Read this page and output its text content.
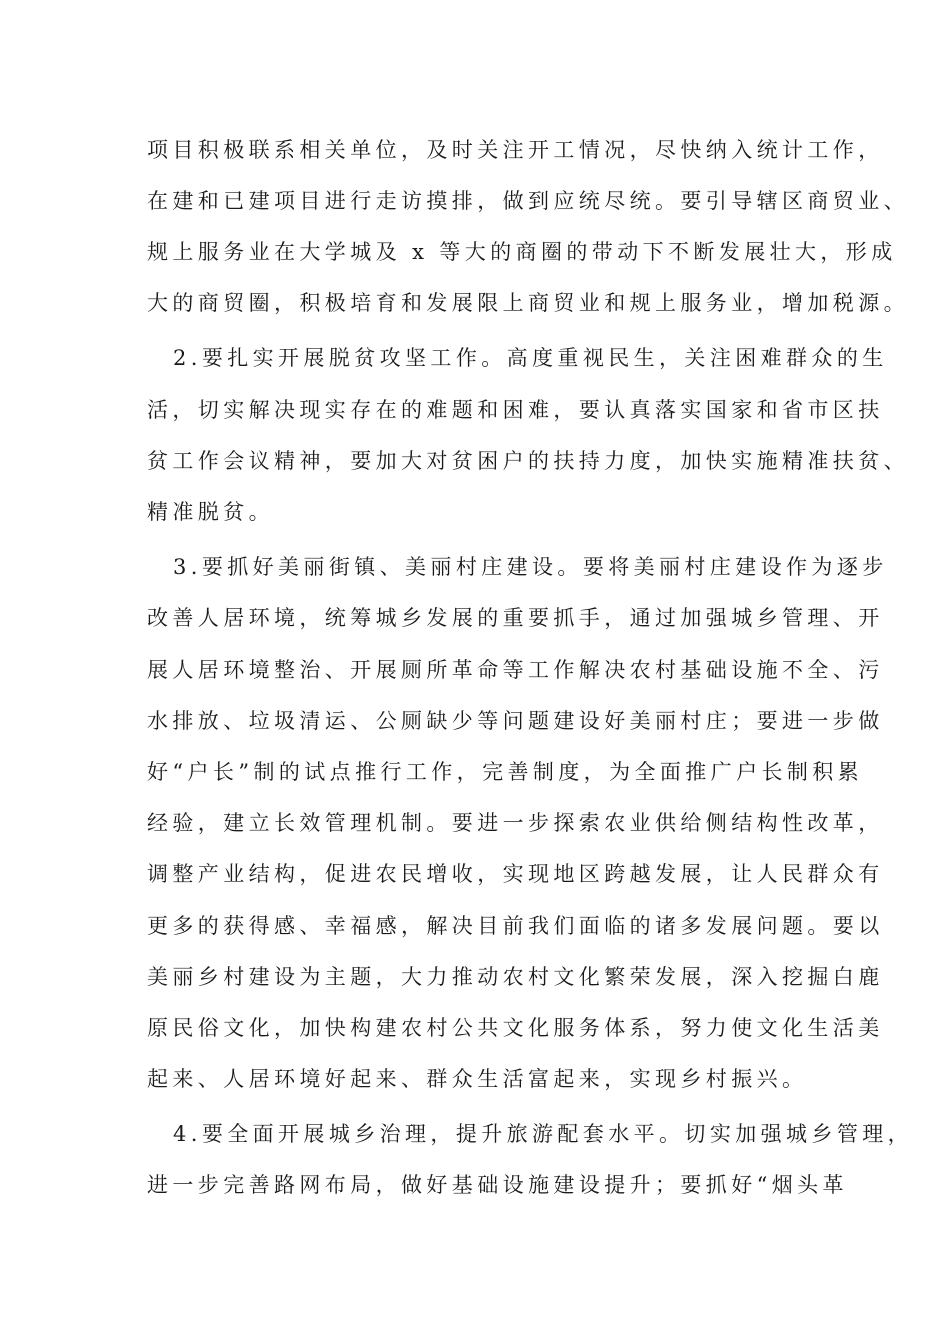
项目积极联系相关单位，及时关注开工情况，尽快纳入统计工作，
在建和已建项目进行走访摸排，做到应统尽统。要引导辖区商贸业、
规上服务业在大学城及 x 等大的商圈的带动下不断发展壮大，形成
大的商贸圈，积极培育和发展限上商贸业和规上服务业，增加税源。
2.要扎实开展脱贫攻坚工作。高度重视民生，关注困难群众的生
活，切实解决现实存在的难题和困难，要认真落实国家和省市区扶
贫工作会议精神，要加大对贫困户的扶持力度，加快实施精准扶贫、
精准脱贫。
3.要抓好美丽街镇、美丽村庄建设。要将美丽村庄建设作为逐步
改善人居环境，统筹城乡发展的重要抓手，通过加强城乡管理、开
展人居环境整治、开展厕所革命等工作解决农村基础设施不全、污
水排放、垃圾清运、公厕缺少等问题建设好美丽村庄；要进一步做
好“户长”制的试点推行工作，完善制度，为全面推广户长制积累
经验，建立长效管理机制。要进一步探索农业供给侧结构性改革，
调整产业结构，促进农民增收，实现地区跨越发展，让人民群众有
更多的获得感、幸福感，解决目前我们面临的诸多发展问题。要以
美丽乡村建设为主题，大力推动农村文化繁荣发展，深入挖掘白鹿
原民俗文化，加快构建农村公共文化服务体系，努力使文化生活美
起来、人居环境好起来、群众生活富起来，实现乡村振兴。
4.要全面开展城乡治理，提升旅游配套水平。切实加强城乡管理，
进一步完善路网布局，做好基础设施建设提升；要抓好“烟头革
